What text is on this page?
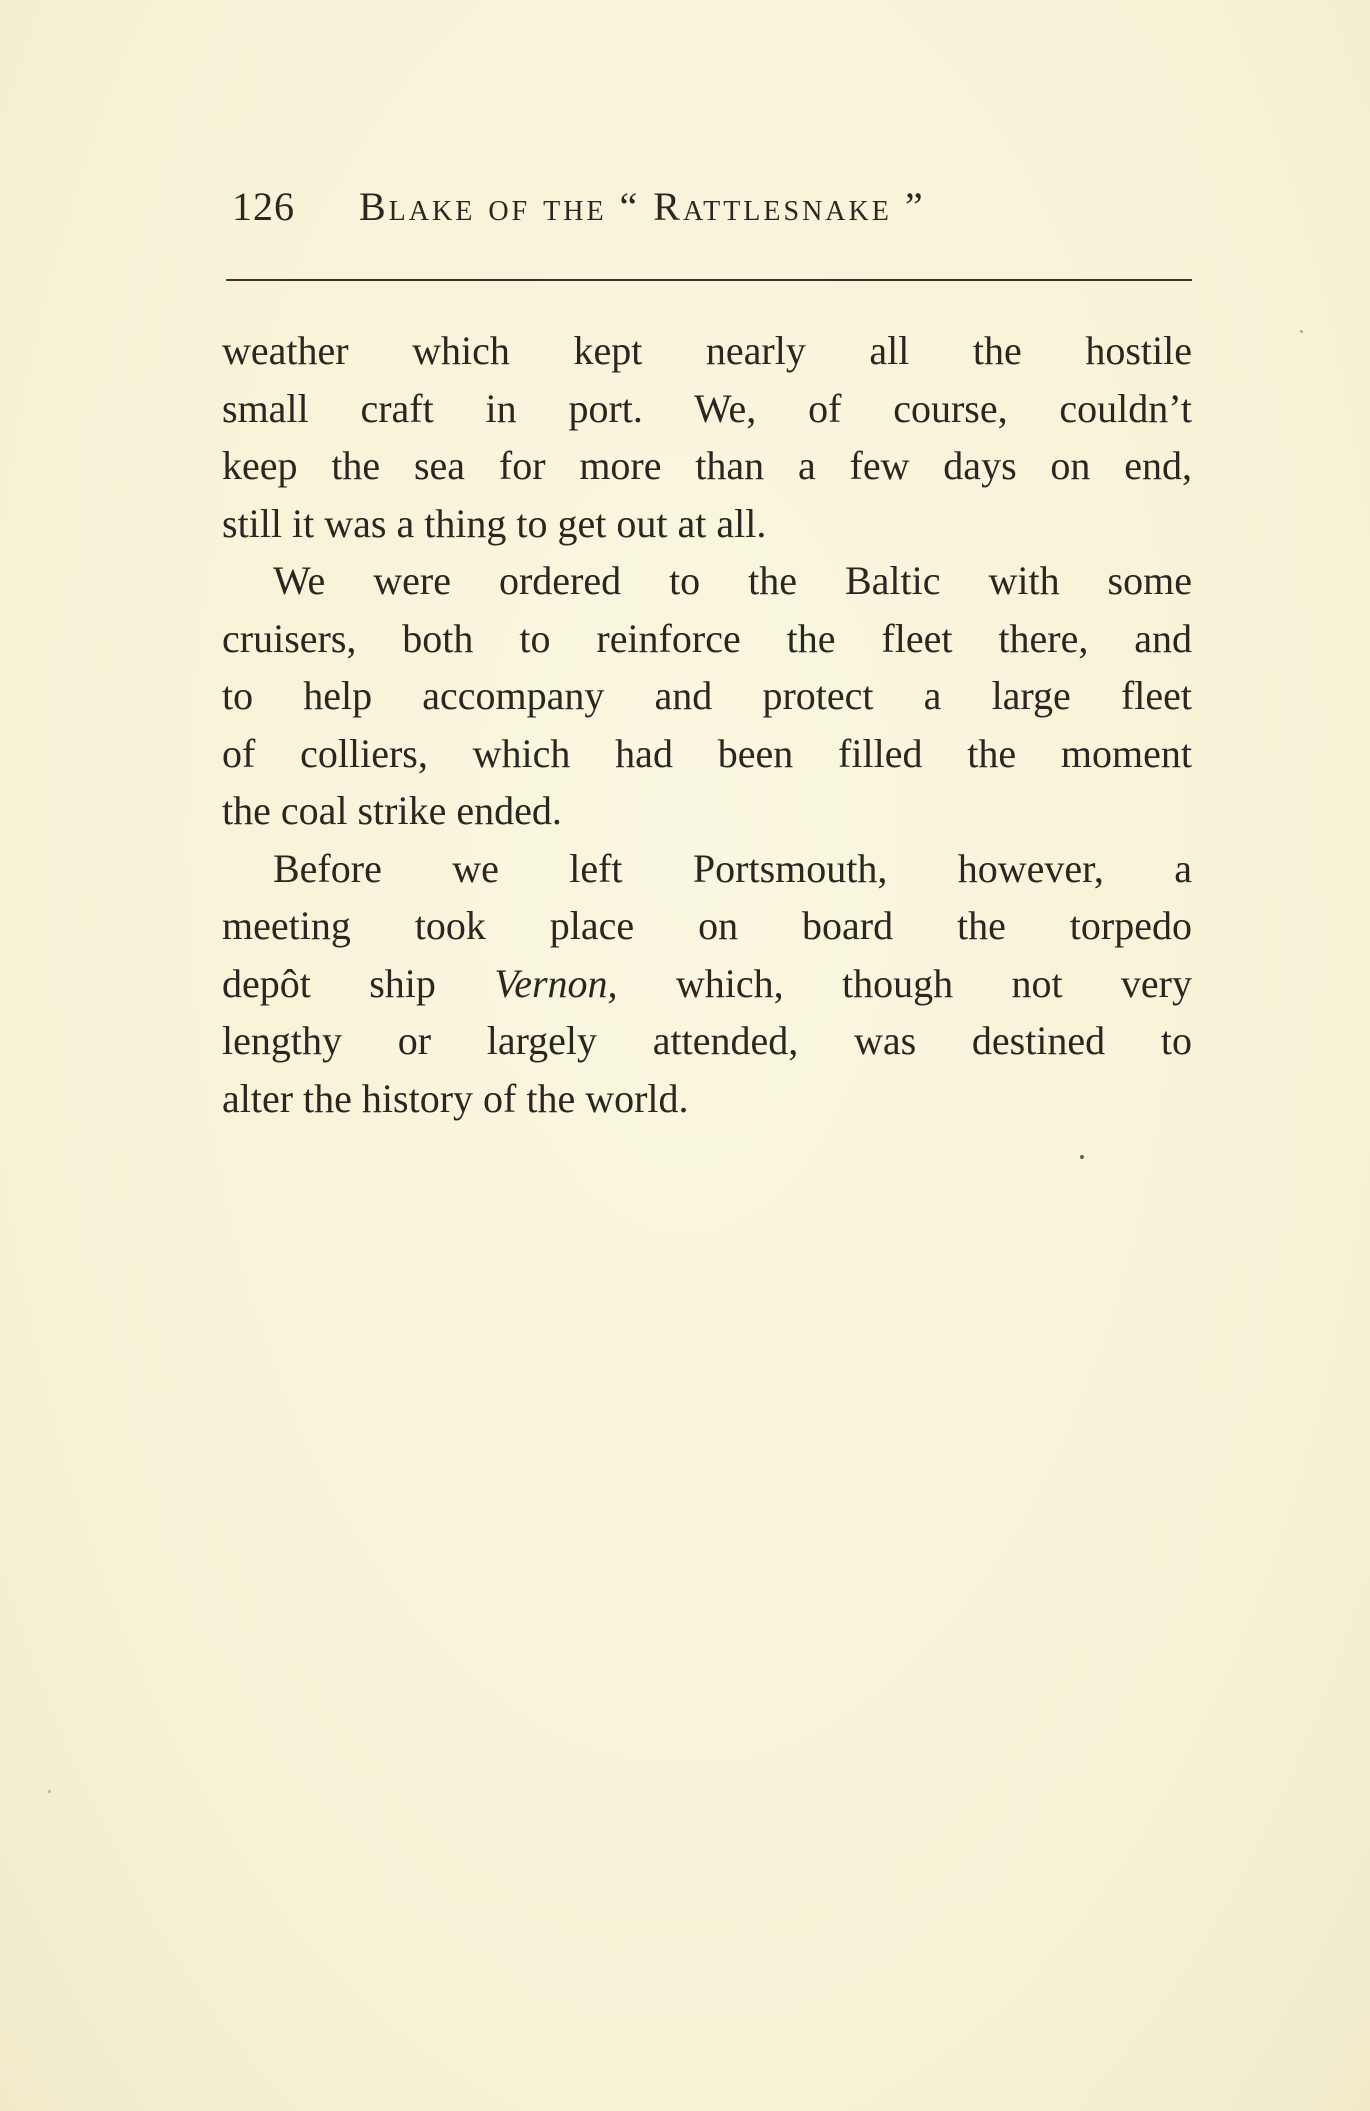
126 Blake of the “ Rattlesnake ”
weather which kept nearly all the hostile
small craft in port. We, of course, couldn’t
keep the sea for more than a few days on end,
still it was a thing to get out at all.
We were ordered to the Baltic with some
cruisers, both to reinforce the fleet there, and
to help accompany and protect a large fleet
of colliers, which had been filled the moment
the coal strike ended.
Before we left Portsmouth, however, a
meeting took place on board the torpedo
depôt ship Vernon, which, though not very
lengthy or largely attended, was destined to
alter the history of the world.
